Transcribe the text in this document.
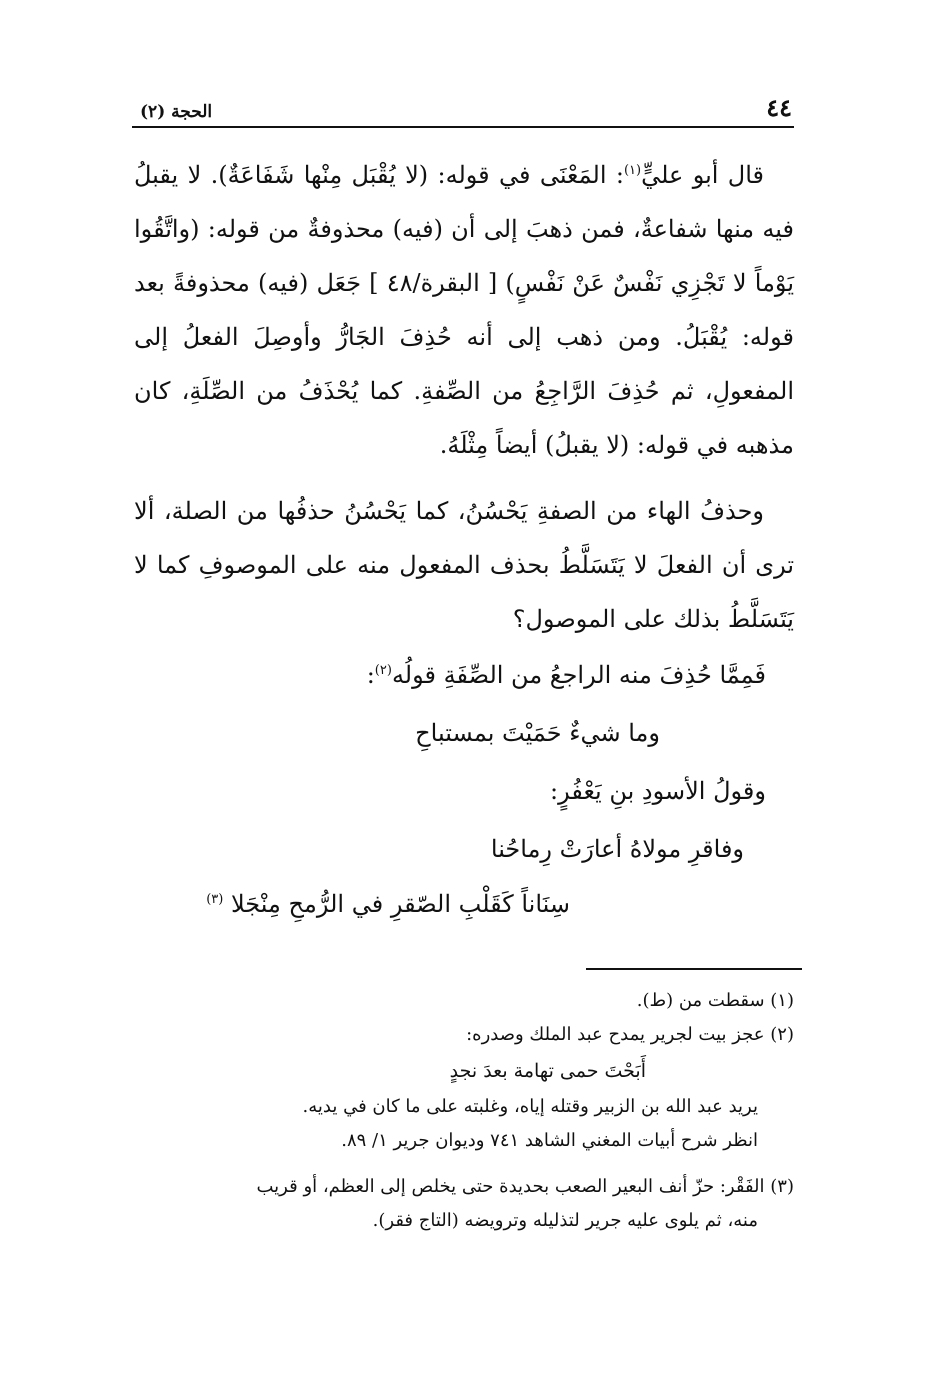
٤٤
الحجة (٢)

قال أبو عليٍّ$^{(١)}$: المَعْنَى في قوله: (لا يُقْبَل مِنْها شَفَاعَةٌ). لا يقبلُ فيه منها شفاعةٌ، فمن ذهبَ إلى أن (فيه) محذوفةٌ من قوله: (واتَّقُوا يَوْماً لا تَجْزِي نَفْسٌ عَنْ نَفْسٍ) [ البقرة/٤٨ ] جَعَل (فيه) محذوفةً بعد قوله: يُقْبَلُ. ومن ذهب إلى أنه حُذِفَ الجَارُّ وأوصِلَ الفعلُ إلى المفعولِ، ثم حُذِفَ الرَّاجِعُ من الصِّفةِ. كما يُحْذَفُ من الصِّلَةِ، كان مذهبه في قوله: (لا يقبلُ) أيضاً مِثْلَهُ.

وحذفُ الهاء من الصفةِ يَحْسُنُ، كما يَحْسُنُ حذفُها من الصلة، ألا ترى أن الفعلَ لا يَتَسَلَّطُ بحذف المفعول منه على الموصوفِ كما لا يَتَسَلَّطُ بذلك على الموصول؟

فَمِمَّا حُذِفَ منه الراجعُ من الصِّفَةِ قولُه$^{(٢)}$:

وما شيءٌ حَمَيْتَ بمستباحِ

وقولُ الأسودِ بنِ يَعْفُرٍ:

وفاقرِ مولاهُ أعارَتْ رِماحُنا

سِنَاناً كَقَلْبِ الصّقرِ في الرُّمحِ مِنْجَلا $^{(٣)}$

(١) سقطت من (ط).

(٢) عجز بيت لجرير يمدح عبد الملك وصدره:

أَبَحْتَ حمى تهامة بعدَ نجدٍ

يريد عبد الله بن الزبير وقتله إياه، وغلبته على ما كان في يديه.

انظر شرح أبيات المغني الشاهد ٧٤١ وديوان جرير ١/ ٨٩.

(٣) الفَقْر: حزّ أنف البعير الصعب بحديدة حتى يخلص إلى العظم، أو قريب

منه، ثم يلوى عليه جرير لتذليله وترويضه (التاج فقر).
